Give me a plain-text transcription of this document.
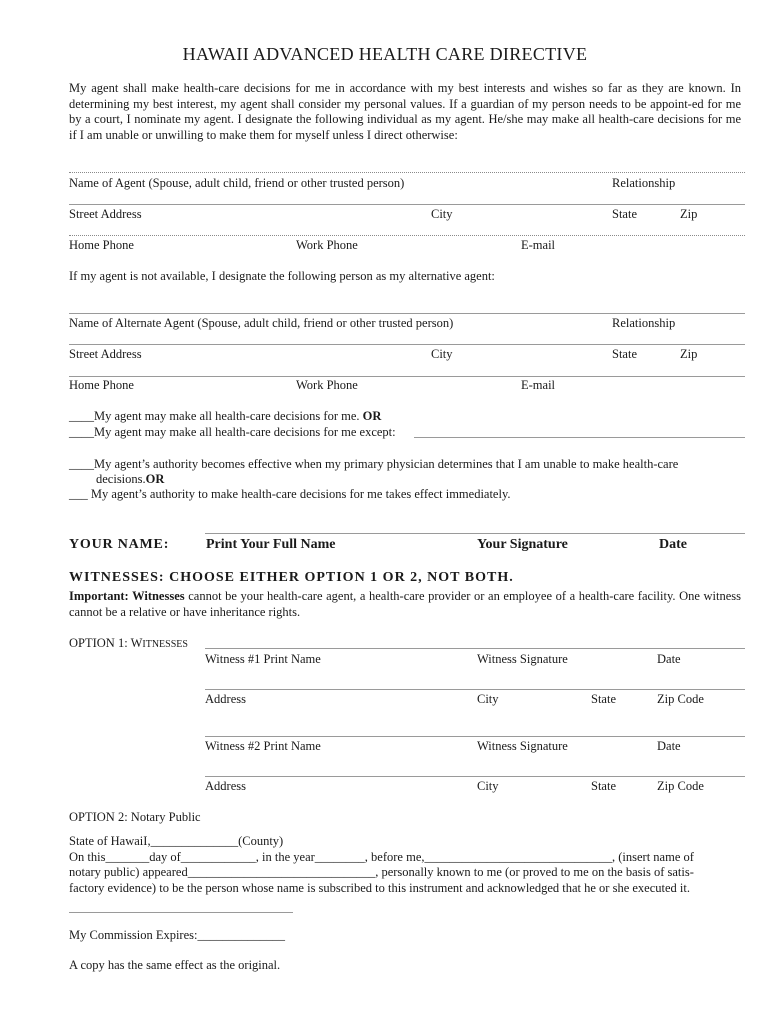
HAWAII ADVANCED HEALTH CARE DIRECTIVE
My agent shall make health-care decisions for me in accordance with my best interests and wishes so far as they are known. In determining my best interest, my agent shall consider my personal values. If a guardian of my person needs to be appoint-ed for me by a court, I nominate my agent. I designate the following individual as my agent. He/she may make all health-care decisions for me if I am unable or unwilling to make them for myself unless I direct otherwise:
Name of Agent (Spouse, adult child, friend or other trusted person)	Relationship
Street Address	City	State	Zip
Home Phone	Work Phone	E-mail
If my agent is not available, I designate the following person as my alternative agent:
Name of Alternate Agent (Spouse, adult child, friend or other trusted person)	Relationship
Street Address	City	State	Zip
Home Phone	Work Phone	E-mail
____My agent may make all health-care decisions for me. OR
____My agent may make all health-care decisions for me except:
____My agent’s authority becomes effective when my primary physician determines that I am unable to make health-care
decisions.OR
___ My agent’s authority to make health-care decisions for me takes effect immediately.
YOUR NAME:	Print Your Full Name	Your Signature	Date
WITNESSES: CHOOSE EITHER OPTION 1 OR 2, NOT BOTH.
Important: Witnesses cannot be your health-care agent, a health-care provider or an employee of a health-care facility. One witness cannot be a relative or have inheritance rights.
OPTION 1: WITNESSES
Witness #1 Print Name	Witness Signature	Date
Address	City	State	Zip Code
Witness #2 Print Name	Witness Signature	Date
Address	City	State	Zip Code
OPTION 2: Notary Public
State of HawaiI,______________(County)
On this_______day of____________, in the year________, before me,______________________________, (insert name of
notary public) appeared______________________________, personally known to me (or proved to me on the basis of satis-
factory evidence) to be the person whose name is subscribed to this instrument and acknowledged that he or she executed it.
My Commission Expires:______________
A copy has the same effect as the original.
